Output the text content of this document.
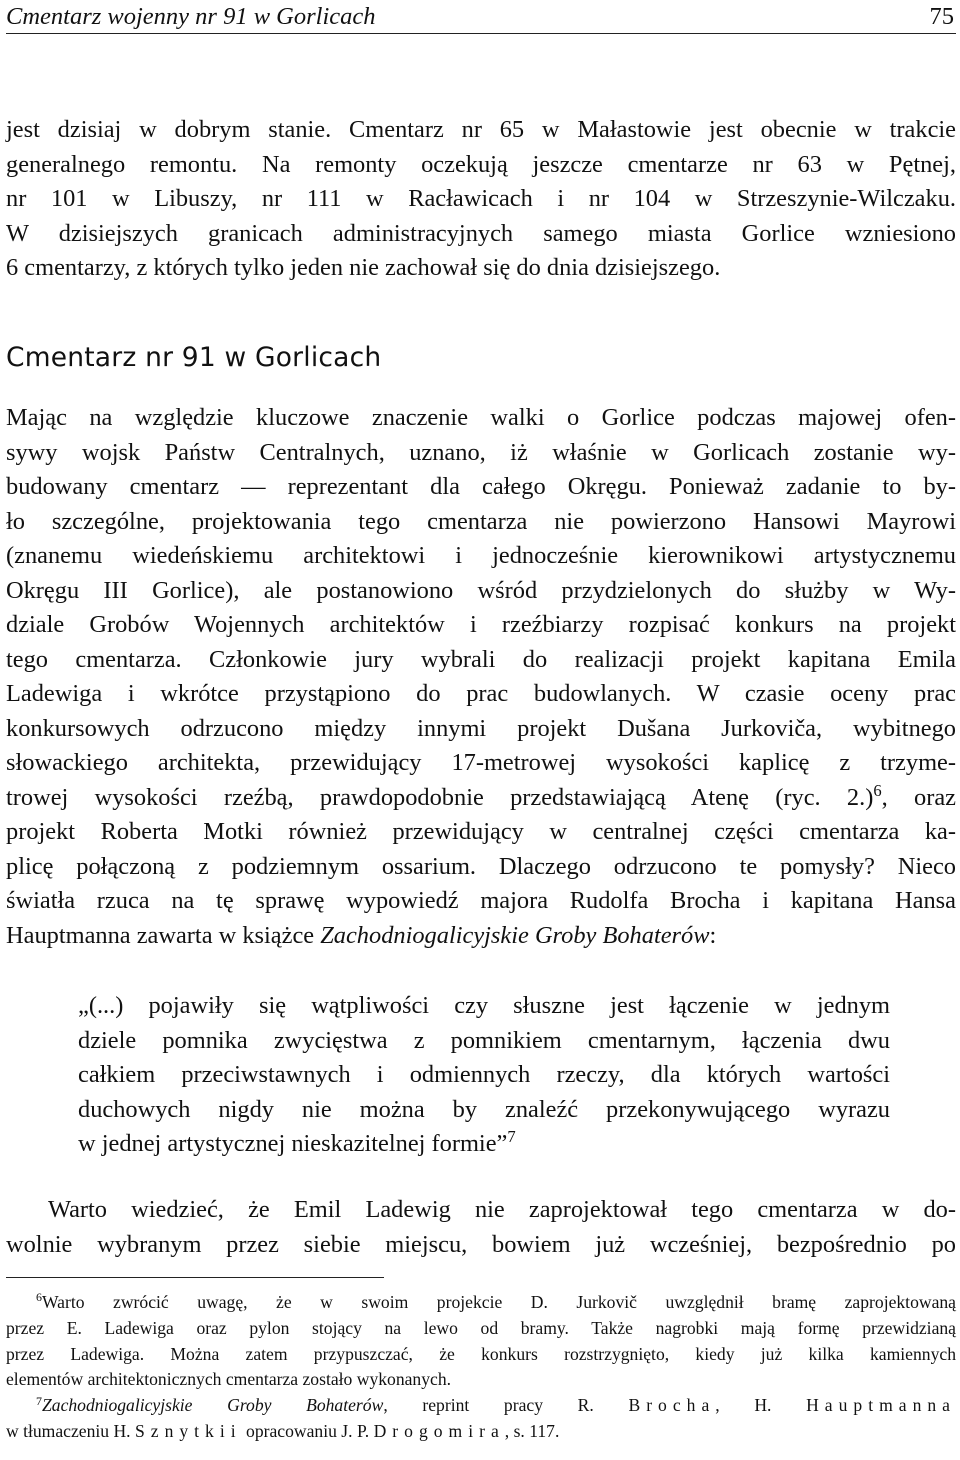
Cmentarz wojenny nr 91 w Gorlicach	75
jest dzisiaj w dobrym stanie. Cmentarz nr 65 w Małastowie jest obecnie w trakcie
generalnego remontu. Na remonty oczekują jeszcze cmentarze nr 63 w Pętnej,
nr 101 w Libuszy, nr 111 w Racławicach i nr 104 w Strzeszynie-Wilczaku.
W dzisiejszych granicach administracyjnych samego miasta Gorlice wzniesiono
6 cmentarzy, z których tylko jeden nie zachował się do dnia dzisiejszego.
Cmentarz nr 91 w Gorlicach
Mając na względzie kluczowe znaczenie walki o Gorlice podczas majowej ofen-
sywy wojsk Państw Centralnych, uznano, iż właśnie w Gorlicach zostanie wy-
budowany cmentarz — reprezentant dla całego Okręgu. Ponieważ zadanie to by-
ło szczególne, projektowania tego cmentarza nie powierzono Hansowi Mayrowi
(znanemu wiedeńskiemu architektowi i jednocześnie kierownikowi artystycznemu
Okręgu III Gorlice), ale postanowiono wśród przydzielonych do służby w Wy-
dziale Grobów Wojennych architektów i rzeźbiarzy rozpisać konkurs na projekt
tego cmentarza. Członkowie jury wybrali do realizacji projekt kapitana Emila
Ladewiga i wkrótce przystąpiono do prac budowlanych. W czasie oceny prac
konkursowych odrzucono między innymi projekt Dušana Jurkoviča, wybitnego
słowackiego architekta, przewidujący 17-metrowej wysokości kaplicę z trzyme-
trowej wysokości rzeźbą, prawdopodobnie przedstawiającą Atenę (ryc. 2.)$^6$, oraz
projekt Roberta Motki również przewidujący w centralnej części cmentarza ka-
plicę połączoną z podziemnym ossarium. Dlaczego odrzucono te pomysły? Nieco
światła rzuca na tę sprawę wypowiedź majora Rudolfa Brocha i kapitana Hansa
Hauptmanna zawarta w książce Zachodniogalicyjskie Groby Bohaterów:
„(...) pojawiły się wątpliwości czy słuszne jest łączenie w jednym
dziele pomnika zwycięstwa z pomnikiem cmentarnym, łączenia dwu
całkiem przeciwstawnych i odmiennych rzeczy, dla których wartości
duchowych nigdy nie można by znaleźć przekonywującego wyrazu
w jednej artystycznej nieskazitelnej formie”$^7$
Warto wiedzieć, że Emil Ladewig nie zaprojektował tego cmentarza w do-
wolnie wybranym przez siebie miejscu, bowiem już wcześniej, bezpośrednio po
$^6$Warto zwrócić uwagę, że w swoim projekcie D. Jurkovič uwzględnił bramę zaprojektowaną
przez E. Ladewiga oraz pylon stojący na lewo od bramy. Także nagrobki mają formę przewidzianą
przez Ladewiga. Można zatem przypuszczać, że konkurs rozstrzygnięto, kiedy już kilka kamiennych
elementów architektonicznych cmentarza zostało wykonanych.
$^7$Zachodniogalicyjskie Groby Bohaterów, reprint pracy R. Brocha, H. Hauptmanna
w tłumaczeniu H. Sznytkii opracowaniu J. P. Drogomira, s. 117.
